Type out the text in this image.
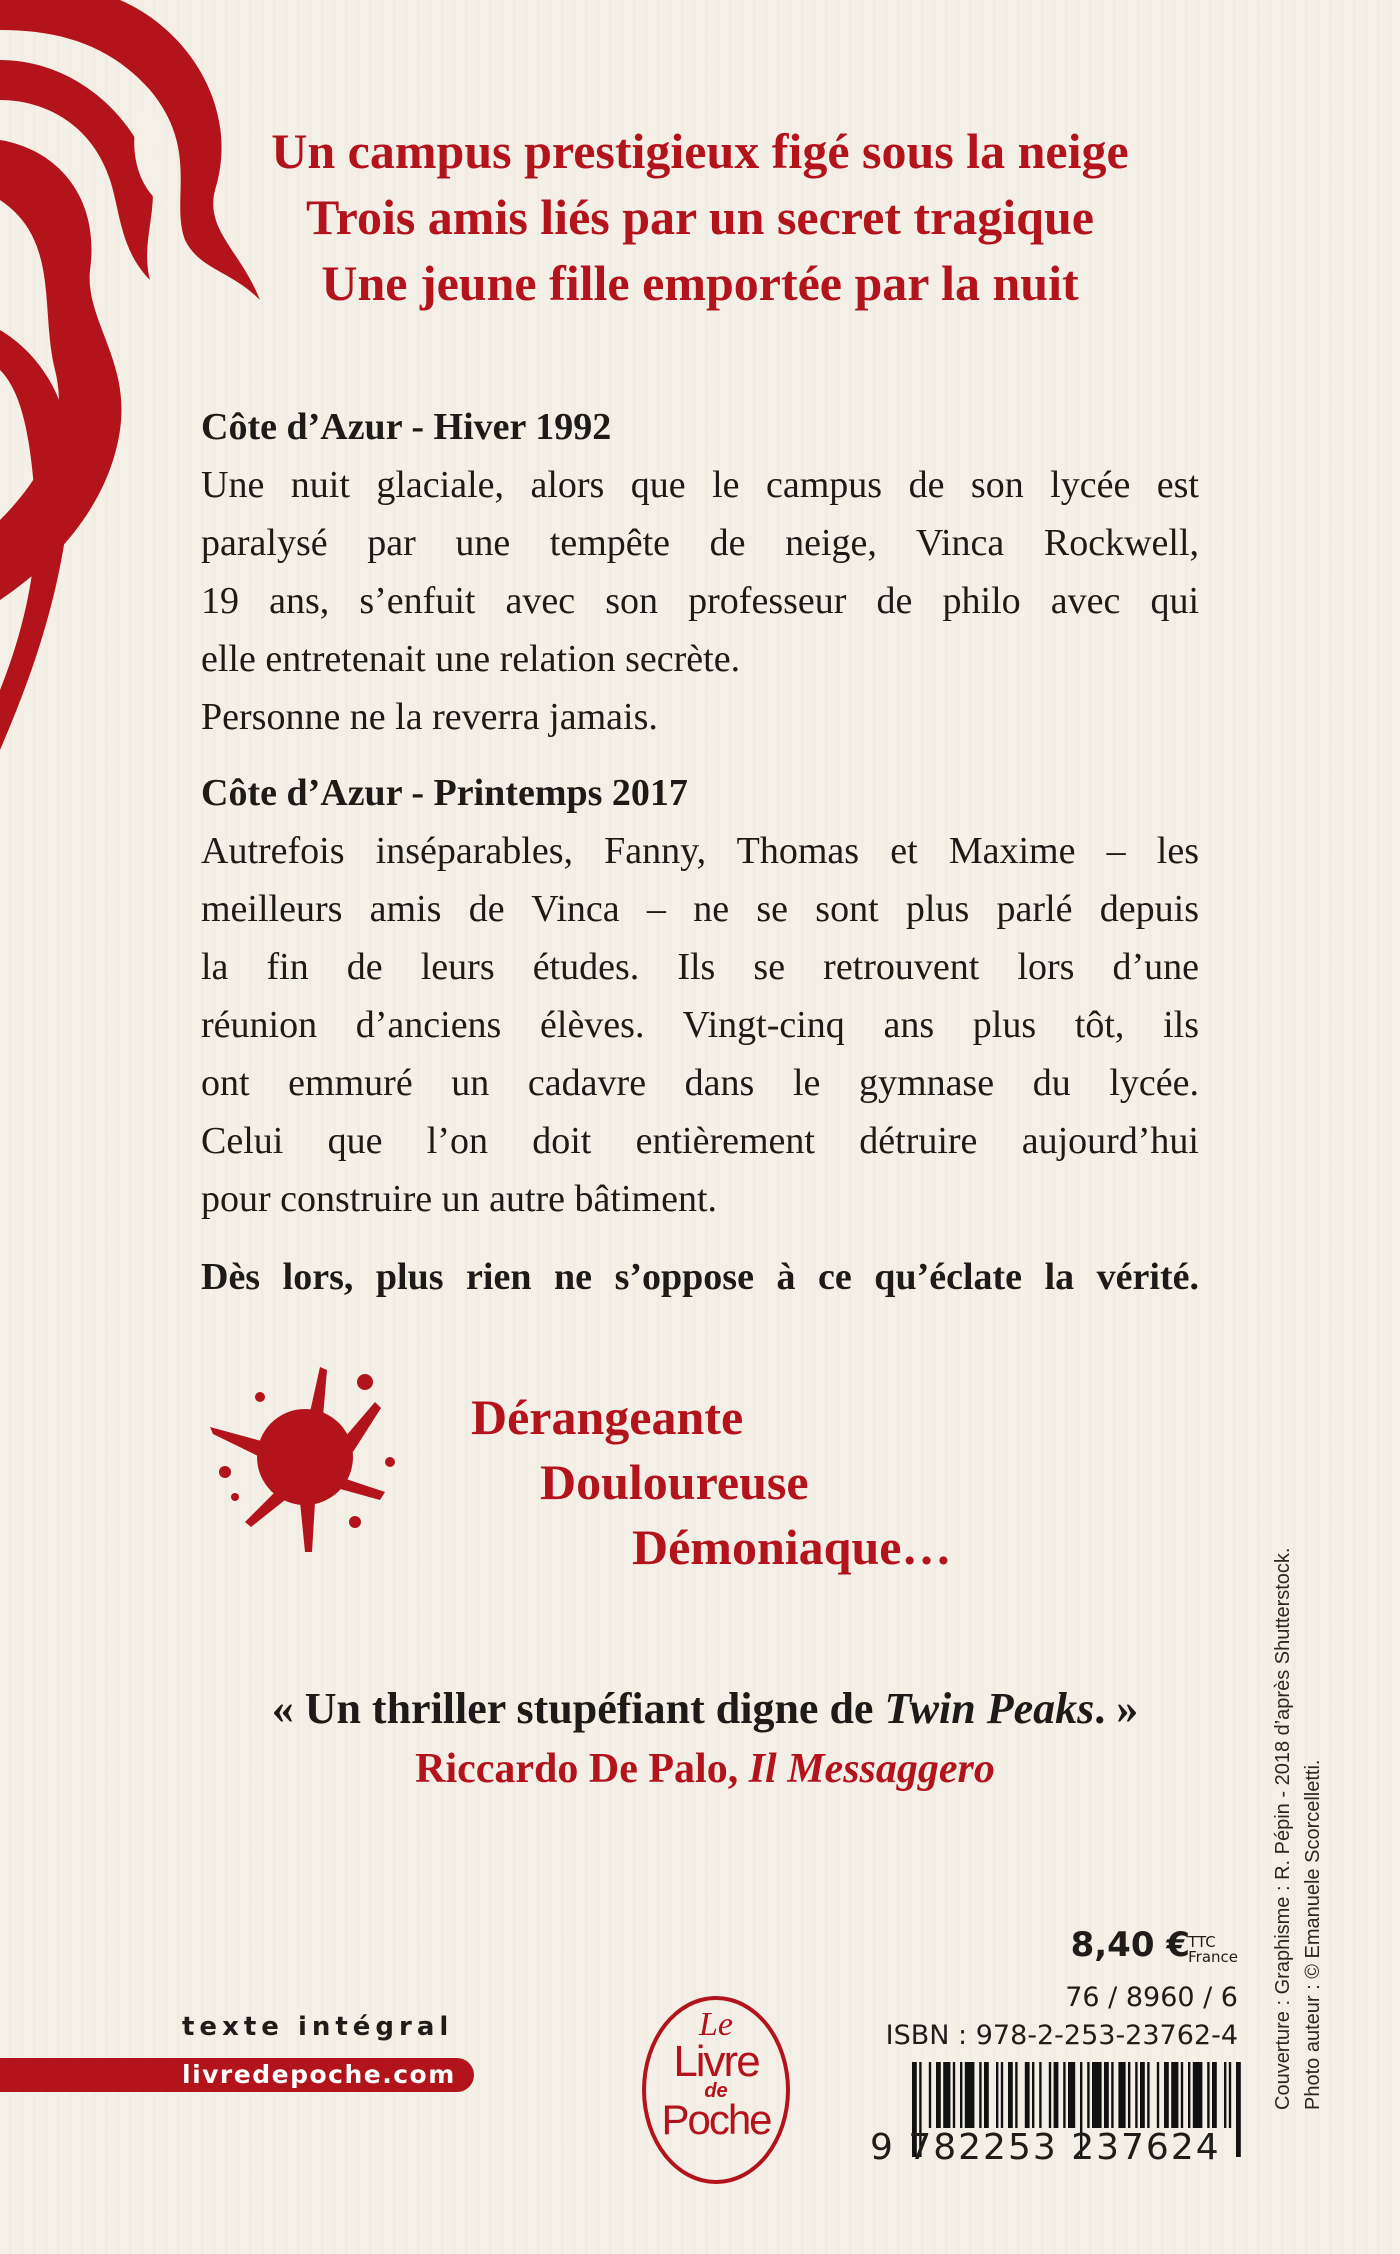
Un campus prestigieux figé sous la neige
Trois amis liés par un secret tragique
Une jeune fille emportée par la nuit
Côte d’Azur - Hiver 1992
Une nuit glaciale, alors que le campus de son lycée est
paralysé par une tempête de neige, Vinca Rockwell,
19 ans, s’enfuit avec son professeur de philo avec qui
elle entretenait une relation secrète.
Personne ne la reverra jamais.
Côte d’Azur - Printemps 2017
Autrefois inséparables, Fanny, Thomas et Maxime – les
meilleurs amis de Vinca – ne se sont plus parlé depuis
la fin de leurs études. Ils se retrouvent lors d’une
réunion d’anciens élèves. Vingt-cinq ans plus tôt, ils
ont emmuré un cadavre dans le gymnase du lycée.
Celui que l’on doit entièrement détruire aujourd’hui
pour construire un autre bâtiment.
Dès lors, plus rien ne s’oppose à ce qu’éclate la vérité.
Dérangeante
Douloureuse
Démoniaque…
« Un thriller stupéfiant digne de Twin Peaks. »
Riccardo De Palo, Il Messaggero	Couverture : Graphisme : R. Pépin - 2018 d’après Shutterstock. Photo auteur : © Emanuele Scorcelletti.
8,40 €
TTC
France
76 / 8960 / 6
ISBN : 978-2-253-23762-4
9 782253 237624
texte intégral
livredepoche.com
Le
Livre
de
Poche
